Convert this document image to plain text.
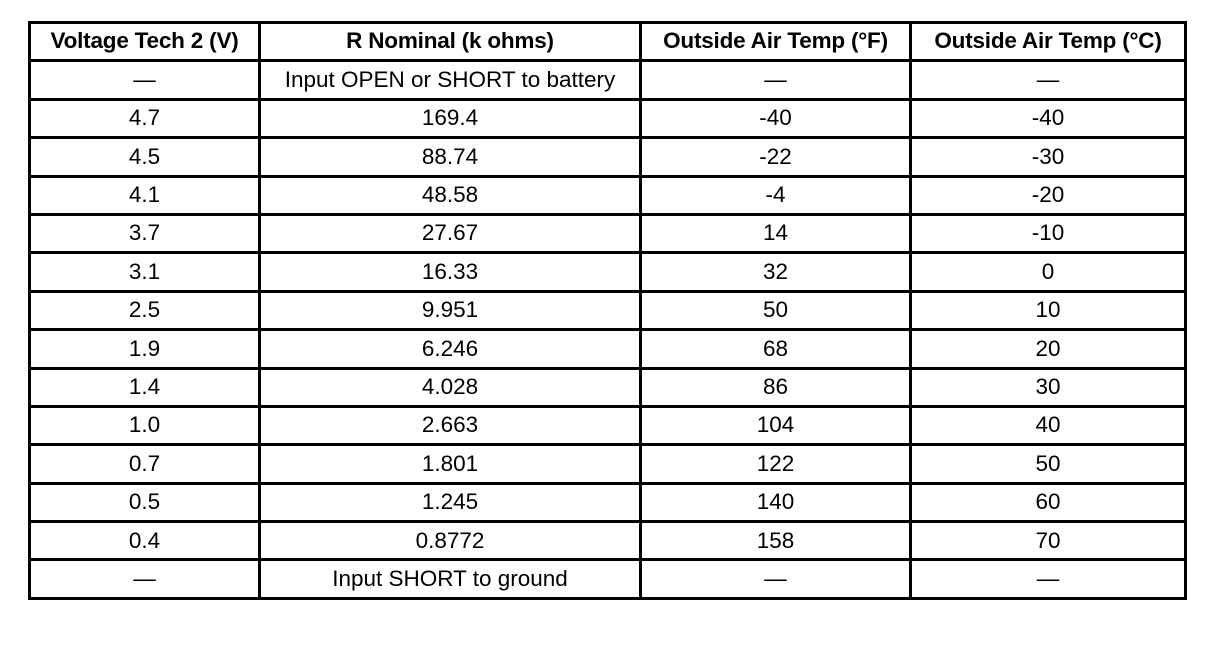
Voltage Tech 2 (V)	R Nominal (k ohms)	Outside Air Temp (°F)	Outside Air Temp (°C)
—	Input OPEN or SHORT to battery	—	—
4.7	169.4	-40	-40
4.5	88.74	-22	-30
4.1	48.58	-4	-20
3.7	27.67	14	-10
3.1	16.33	32	0
2.5	9.951	50	10
1.9	6.246	68	20
1.4	4.028	86	30
1.0	2.663	104	40
0.7	1.801	122	50
0.5	1.245	140	60
0.4	0.8772	158	70
—	Input SHORT to ground	—	—
